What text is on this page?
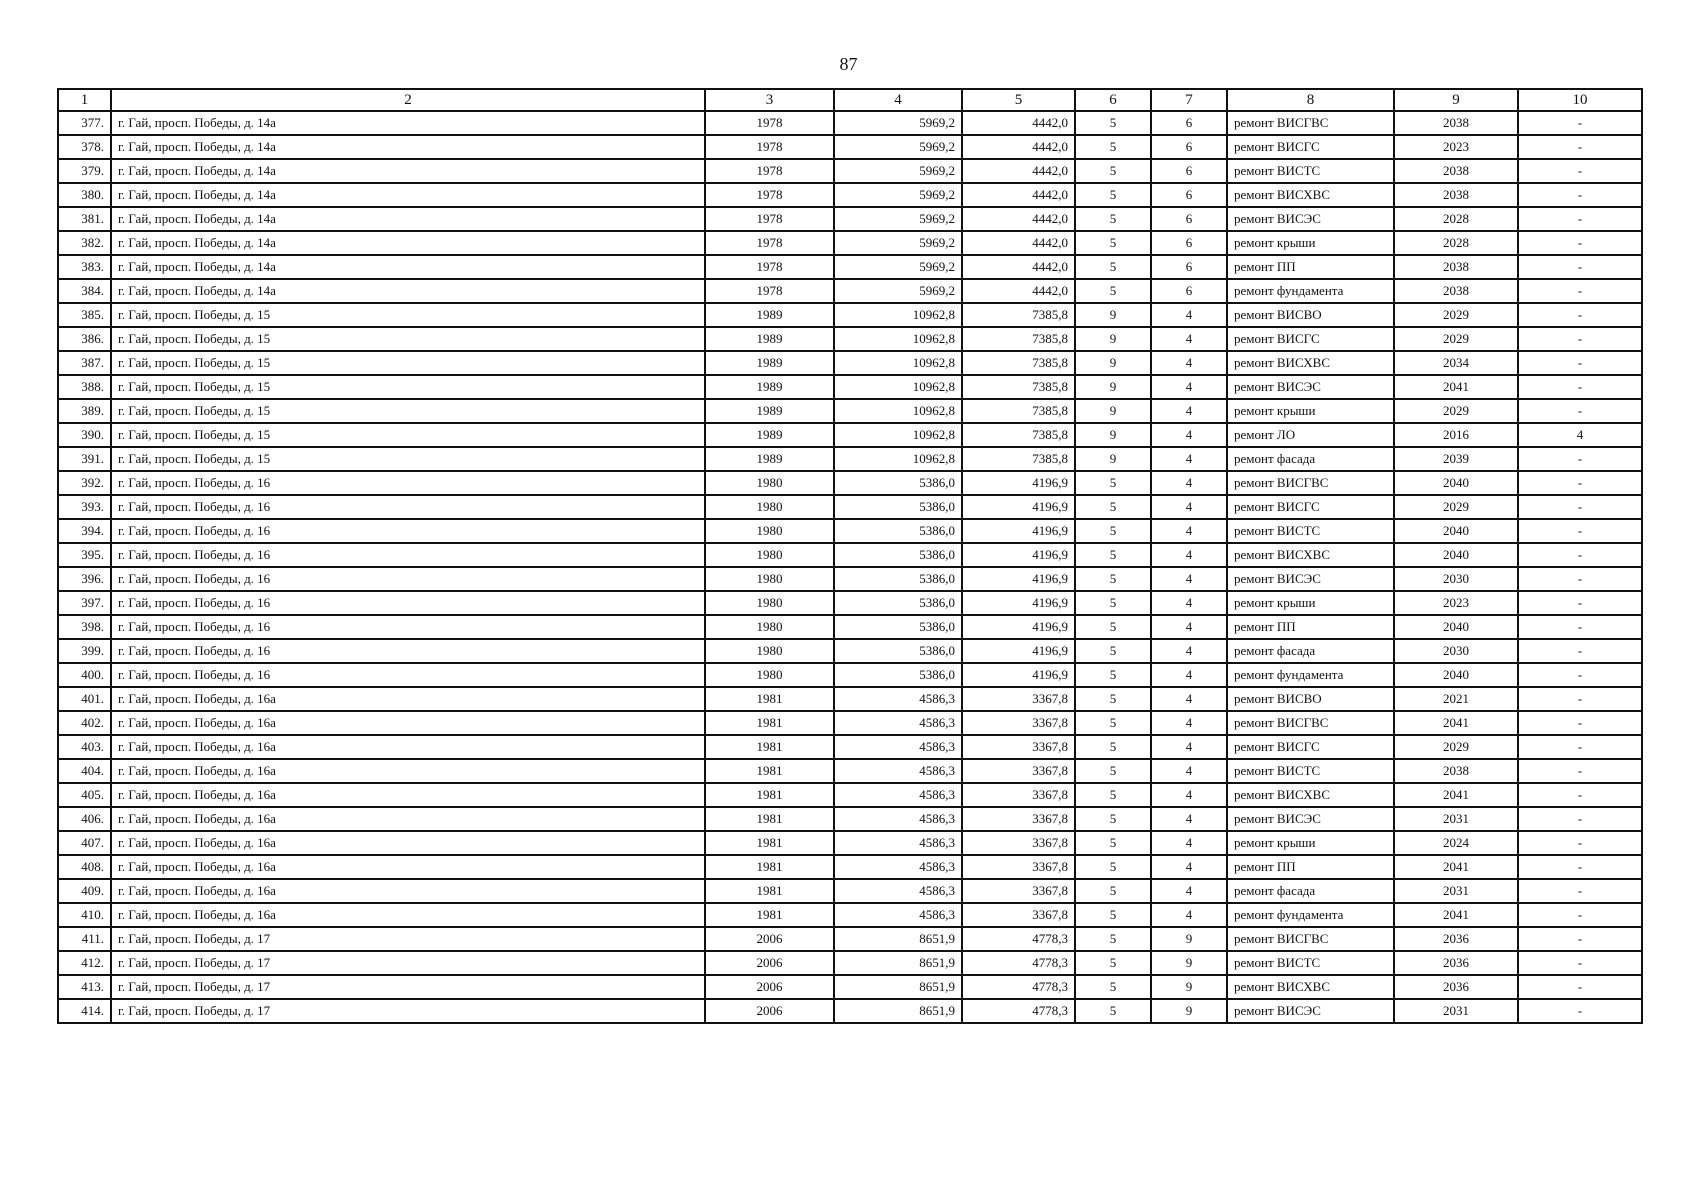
87
1	2	3	4	5	6	7	8	9	10
377.	г. Гай, просп. Победы, д. 14а	1978	5969,2	4442,0	5	6	ремонт ВИСГВС	2038	-
378.	г. Гай, просп. Победы, д. 14а	1978	5969,2	4442,0	5	6	ремонт ВИСГС	2023	-
379.	г. Гай, просп. Победы, д. 14а	1978	5969,2	4442,0	5	6	ремонт ВИСТС	2038	-
380.	г. Гай, просп. Победы, д. 14а	1978	5969,2	4442,0	5	6	ремонт ВИСХВС	2038	-
381.	г. Гай, просп. Победы, д. 14а	1978	5969,2	4442,0	5	6	ремонт ВИСЭС	2028	-
382.	г. Гай, просп. Победы, д. 14а	1978	5969,2	4442,0	5	6	ремонт крыши	2028	-
383.	г. Гай, просп. Победы, д. 14а	1978	5969,2	4442,0	5	6	ремонт ПП	2038	-
384.	г. Гай, просп. Победы, д. 14а	1978	5969,2	4442,0	5	6	ремонт фундамента	2038	-
385.	г. Гай, просп. Победы, д. 15	1989	10962,8	7385,8	9	4	ремонт ВИСВО	2029	-
386.	г. Гай, просп. Победы, д. 15	1989	10962,8	7385,8	9	4	ремонт ВИСГС	2029	-
387.	г. Гай, просп. Победы, д. 15	1989	10962,8	7385,8	9	4	ремонт ВИСХВС	2034	-
388.	г. Гай, просп. Победы, д. 15	1989	10962,8	7385,8	9	4	ремонт ВИСЭС	2041	-
389.	г. Гай, просп. Победы, д. 15	1989	10962,8	7385,8	9	4	ремонт крыши	2029	-
390.	г. Гай, просп. Победы, д. 15	1989	10962,8	7385,8	9	4	ремонт ЛО	2016	4
391.	г. Гай, просп. Победы, д. 15	1989	10962,8	7385,8	9	4	ремонт фасада	2039	-
392.	г. Гай, просп. Победы, д. 16	1980	5386,0	4196,9	5	4	ремонт ВИСГВС	2040	-
393.	г. Гай, просп. Победы, д. 16	1980	5386,0	4196,9	5	4	ремонт ВИСГС	2029	-
394.	г. Гай, просп. Победы, д. 16	1980	5386,0	4196,9	5	4	ремонт ВИСТС	2040	-
395.	г. Гай, просп. Победы, д. 16	1980	5386,0	4196,9	5	4	ремонт ВИСХВС	2040	-
396.	г. Гай, просп. Победы, д. 16	1980	5386,0	4196,9	5	4	ремонт ВИСЭС	2030	-
397.	г. Гай, просп. Победы, д. 16	1980	5386,0	4196,9	5	4	ремонт крыши	2023	-
398.	г. Гай, просп. Победы, д. 16	1980	5386,0	4196,9	5	4	ремонт ПП	2040	-
399.	г. Гай, просп. Победы, д. 16	1980	5386,0	4196,9	5	4	ремонт фасада	2030	-
400.	г. Гай, просп. Победы, д. 16	1980	5386,0	4196,9	5	4	ремонт фундамента	2040	-
401.	г. Гай, просп. Победы, д. 16а	1981	4586,3	3367,8	5	4	ремонт ВИСВО	2021	-
402.	г. Гай, просп. Победы, д. 16а	1981	4586,3	3367,8	5	4	ремонт ВИСГВС	2041	-
403.	г. Гай, просп. Победы, д. 16а	1981	4586,3	3367,8	5	4	ремонт ВИСГС	2029	-
404.	г. Гай, просп. Победы, д. 16а	1981	4586,3	3367,8	5	4	ремонт ВИСТС	2038	-
405.	г. Гай, просп. Победы, д. 16а	1981	4586,3	3367,8	5	4	ремонт ВИСХВС	2041	-
406.	г. Гай, просп. Победы, д. 16а	1981	4586,3	3367,8	5	4	ремонт ВИСЭС	2031	-
407.	г. Гай, просп. Победы, д. 16а	1981	4586,3	3367,8	5	4	ремонт крыши	2024	-
408.	г. Гай, просп. Победы, д. 16а	1981	4586,3	3367,8	5	4	ремонт ПП	2041	-
409.	г. Гай, просп. Победы, д. 16а	1981	4586,3	3367,8	5	4	ремонт фасада	2031	-
410.	г. Гай, просп. Победы, д. 16а	1981	4586,3	3367,8	5	4	ремонт фундамента	2041	-
411.	г. Гай, просп. Победы, д. 17	2006	8651,9	4778,3	5	9	ремонт ВИСГВС	2036	-
412.	г. Гай, просп. Победы, д. 17	2006	8651,9	4778,3	5	9	ремонт ВИСТС	2036	-
413.	г. Гай, просп. Победы, д. 17	2006	8651,9	4778,3	5	9	ремонт ВИСХВС	2036	-
414.	г. Гай, просп. Победы, д. 17	2006	8651,9	4778,3	5	9	ремонт ВИСЭС	2031	-
